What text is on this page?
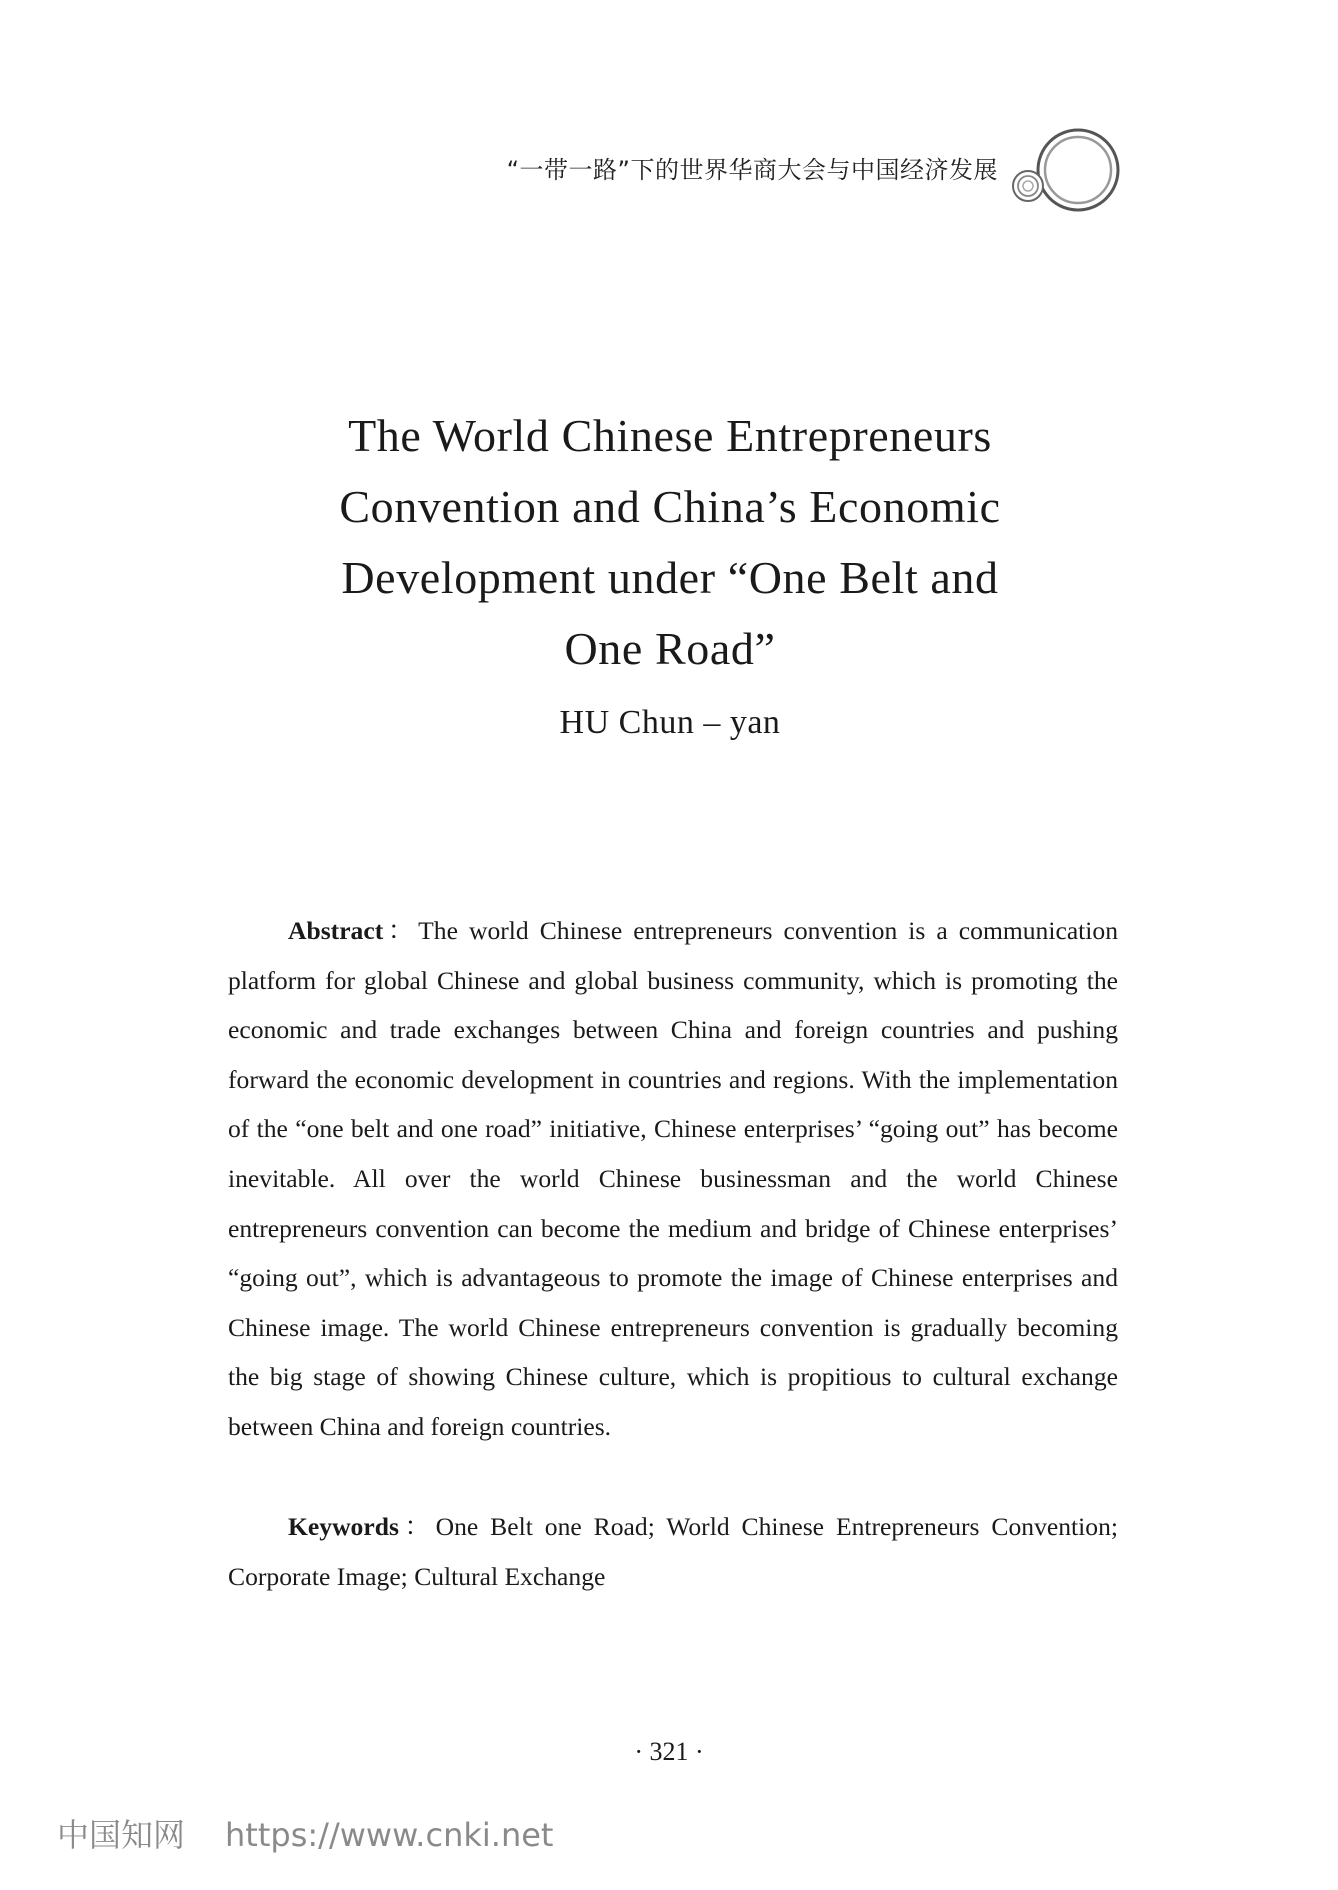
“一带一路”下的世界华商大会与中国经济发展
The World Chinese Entrepreneurs
Convention and China’s Economic
Development under “One Belt and
One Road”
HU Chun – yan

Abstract：The world Chinese entrepreneurs convention is a communication platform for global Chinese and global business community, which is promoting the economic and trade exchanges between China and foreign countries and pushing forward the economic development in countries and regions. With the implementation of the “one belt and one road” initiative, Chinese enterprises’ “going out” has become inevitable. All over the world Chinese businessman and the world Chinese entrepreneurs convention can become the medium and bridge of Chinese enterprises’ “going out”, which is advantageous to promote the image of Chinese enterprises and Chinese image. The world Chinese entrepreneurs convention is gradually becoming the big stage of showing Chinese culture, which is propitious to cultural exchange between China and foreign countries.

Keywords：One Belt one Road; World Chinese Entrepreneurs Convention; Corporate Image; Cultural Exchange

· 321 ·
中国知网 https://www.cnki.net
